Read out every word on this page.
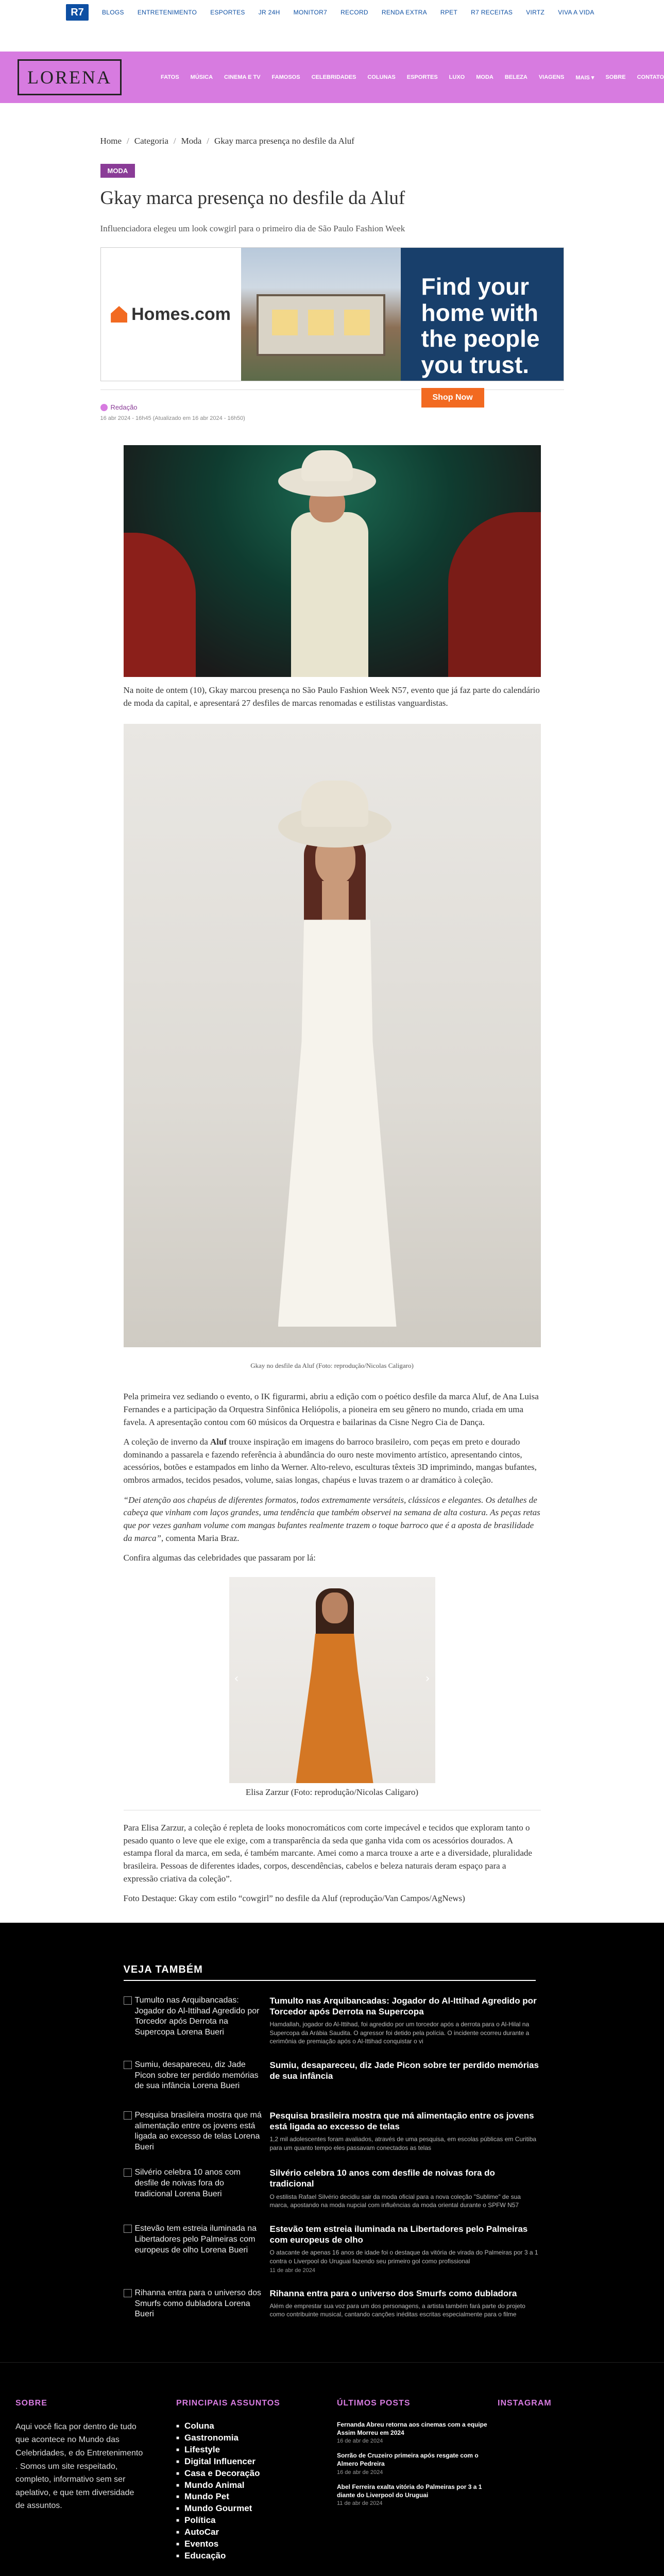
R7	BLOGS ENTRETENIMENTO ESPORTES JR 24H MONITOR7 RECORD RENDA EXTRA RPET R7 RECEITAS VIRTZ VIVA A VIDA
LORENA	FATOS MÚSICA CINEMA E TV FAMOSOS CELEBRIDADES COLUNAS ESPORTES LUXO MODA BELEZA VIAGENS MAIS ▾ SOBRE CONTATO
Home / Categoria / Moda / Gkay marca presença no desfile da Aluf
MODA
Gkay marca presença no desfile da Aluf

Influenciadora elegeu um look cowgirl para o primeiro dia de São Paulo Fashion Week

Homes.com
Find your home with the people you trust.
Shop Now
Redação
16 abr 2024 - 16h45 (Atualizado em 16 abr 2024 - 16h50)

Na noite de ontem (10), Gkay marcou presença no São Paulo Fashion Week N57, evento que já faz parte do calendário de moda da capital, e apresentará 27 desfiles de marcas renomadas e estilistas vanguardistas.

Gkay no desfile da Aluf (Foto: reprodução/Nicolas Caligaro)

Pela primeira vez sediando o evento, o IK figurarmi, abriu a edição com o poético desfile da marca Aluf, de Ana Luisa Fernandes e a participação da Orquestra Sinfônica Heliópolis, a pioneira em seu gênero no mundo, criada em uma favela. A apresentação contou com 60 músicos da Orquestra e bailarinas da Cisne Negro Cia de Dança.

A coleção de inverno da Aluf trouxe inspiração em imagens do barroco brasileiro, com peças em preto e dourado dominando a passarela e fazendo referência à abundância do ouro neste movimento artístico, apresentando cintos, acessórios, botões e estampados em linho da Werner. Alto-relevo, esculturas têxteis 3D imprimindo, mangas bufantes, ombros armados, tecidos pesados, volume, saias longas, chapéus e luvas trazem o ar dramático à coleção.

“Dei atenção aos chapéus de diferentes formatos, todos extremamente versáteis, clássicos e elegantes. Os detalhes de cabeça que vinham com laços grandes, uma tendência que também observei na semana de alta costura. As peças retas que por vezes ganham volume com mangas bufantes realmente trazem o toque barroco que é a aposta de brasilidade da marca”, comenta Maria Braz.

Confira algumas das celebridades que passaram por lá:

‹	›

Elisa Zarzur (Foto: reprodução/Nicolas Caligaro)

Para Elisa Zarzur, a coleção é repleta de looks monocromáticos com corte impecável e tecidos que exploram tanto o pesado quanto o leve que ele exige, com a transparência da seda que ganha vida com os acessórios dourados. A estampa floral da marca, em seda, é também marcante. Amei como a marca trouxe a arte e a diversidade, pluralidade brasileira. Pessoas de diferentes idades, corpos, descendências, cabelos e beleza naturais deram espaço para a expressão criativa da coleção”.

Foto Destaque: Gkay com estilo “cowgirl” no desfile da Aluf (reprodução/Van Campos/AgNews)

VEJA TAMBÉM
Tumulto nas Arquibancadas: Jogador do Al-Ittihad Agredido por Torcedor após Derrota na Supercopa Lorena Bueri
Tumulto nas Arquibancadas: Jogador do Al-Ittihad Agredido por Torcedor após Derrota na Supercopa
Hamdallah, jogador do Al-Ittihad, foi agredido por um torcedor após a derrota para o Al-Hilal na Supercopa da Arábia Saudita. O agressor foi detido pela polícia. O incidente ocorreu durante a cerimônia de premiação após o Al-Ittihad conquistar o vi
Sumiu, desapareceu, diz Jade Picon sobre ter perdido memórias de sua infância Lorena Bueri
Sumiu, desapareceu, diz Jade Picon sobre ter perdido memórias de sua infância
Pesquisa brasileira mostra que má alimentação entre os jovens está ligada ao excesso de telas Lorena Bueri
Pesquisa brasileira mostra que má alimentação entre os jovens está ligada ao excesso de telas
1,2 mil adolescentes foram avaliados, através de uma pesquisa, em escolas públicas em Curitiba para um quanto tempo eles passavam conectados as telas
Silvério celebra 10 anos com desfile de noivas fora do tradicional Lorena Bueri
Silvério celebra 10 anos com desfile de noivas fora do tradicional
O estilista Rafael Silvério decidiu sair da moda oficial para a nova coleção "Sublime" de sua marca, apostando na moda nupcial com influências da moda oriental durante o SPFW N57
Estevão tem estreia iluminada na Libertadores pelo Palmeiras com europeus de olho Lorena Bueri
Estevão tem estreia iluminada na Libertadores pelo Palmeiras com europeus de olho
O atacante de apenas 16 anos de idade foi o destaque da vitória de virada do Palmeiras por 3 a 1 contra o Liverpool do Uruguai fazendo seu primeiro gol como profissional
11 de abr de 2024
Rihanna entra para o universo dos Smurfs como dubladora Lorena Bueri
Rihanna entra para o universo dos Smurfs como dubladora
Além de emprestar sua voz para um dos personagens, a artista também fará parte do projeto como contribuinte musical, cantando canções inéditas escritas especialmente para o filme
SOBRE

Aqui você fica por dentro de tudo que acontece no Mundo das Celebridades, e do Entretenimento . Somos um site respeitado, completo, informativo sem ser apelativo, e que tem diversidade de assuntos.

PRINCIPAIS ASSUNTOS
■ Coluna
■ Gastronomia
■ Lifestyle
■ Digital Influencer
■ Casa e Decoração
■ Mundo Animal
■ Mundo Pet
■ Mundo Gourmet
■ Política
■ AutoCar
■ Eventos
■ Educação
ÚLTIMOS POSTS
Fernanda Abreu retorna aos cinemas com a equipe Assim Morreu em 2024
16 de abr de 2024
Sorrão de Cruzeiro primeira após resgate com o Almero Pedreira
16 de abr de 2024
Abel Ferreira exalta vitória do Palmeiras por 3 a 1 diante do Liverpool do Uruguai
11 de abr de 2024
INSTAGRAM
